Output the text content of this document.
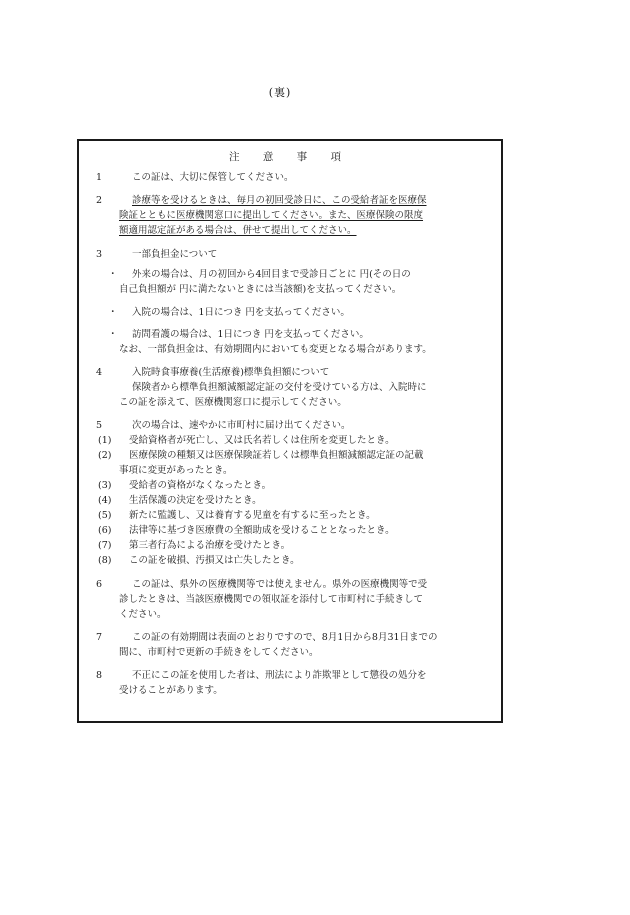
(裏)
注 意 事 項
1	この証は、大切に保管してください。
2	診療等を受けるときは、毎月の初回受診日に、この受給者証を医療保
険証とともに医療機関窓口に提出してください。また、医療保険の限度
額適用認定証がある場合は、併せて提出してください。
3	一部負担金について
・ 外来の場合は、月の初回から4回目まで受診日ごとに 円(その日の
自己負担額が 円に満たないときには当該額)を支払ってください。
・ 入院の場合は、1日につき 円を支払ってください。
・ 訪問看護の場合は、1日につき 円を支払ってください。
なお、一部負担金は、有効期間内においても変更となる場合があります。
4	入院時食事療養(生活療養)標準負担額について
保険者から標準負担額減額認定証の交付を受けている方は、入院時に
この証を添えて、医療機関窓口に提示してください。
5	次の場合は、速やかに市町村に届け出てください。
(1) 受給資格者が死亡し、又は氏名若しくは住所を変更したとき。
(2) 医療保険の種類又は医療保険証若しくは標準負担額減額認定証の記載
事項に変更があったとき。
(3) 受給者の資格がなくなったとき。
(4) 生活保護の決定を受けたとき。
(5) 新たに監護し、又は養育する児童を有するに至ったとき。
(6) 法律等に基づき医療費の全額助成を受けることとなったとき。
(7) 第三者行為による治療を受けたとき。
(8) この証を破損、汚損又は亡失したとき。
6	この証は、県外の医療機関等では使えません。県外の医療機関等で受
診したときは、当該医療機関での領収証を添付して市町村に手続きして
ください。
7	この証の有効期間は表面のとおりですので、8月1日から8月31日までの
間に、市町村で更新の手続きをしてください。
8	不正にこの証を使用した者は、刑法により詐欺罪として懲役の処分を
受けることがあります。
